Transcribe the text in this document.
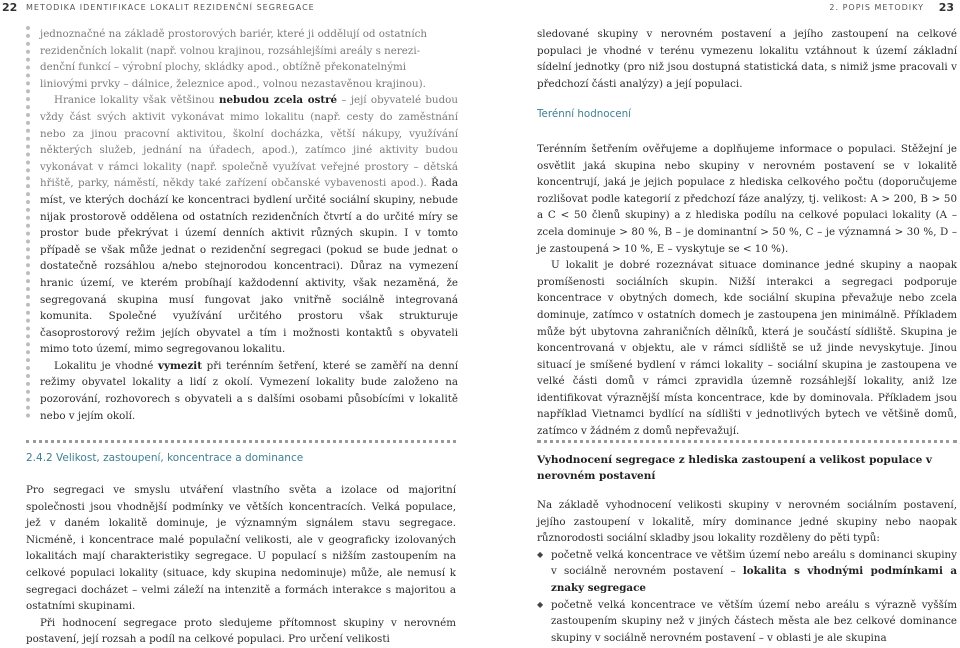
22 METODIKA IDENTIFIKACE LOKALIT REZIDENČNÍ SEGREGACE	2. POPIS METODIKY 23

jednoznačné na základě prostorových bariér, které ji oddělují od ostatních
rezidenčních lokalit (např. volnou krajinou, rozsáhlejšími areály s nerezi-
denční funkcí – výrobní plochy, skládky apod., obtížně překonatelnými
liniovými prvky – dálnice, železnice apod., volnou nezastavěnou krajinou).

Hranice lokality však většinou nebudou zcela ostré – její obyvatelé budou vždy část svých aktivit vykonávat mimo lokalitu (např. cesty do zaměstnání nebo za jinou pracovní aktivitou, školní docházka, větší nákupy, využívání některých služeb, jednání na úřadech, apod.), zatímco jiné aktivity budou vykonávat v rámci lokality (např. společně využívat veřejné prostory – dětská hřiště, parky, náměstí, někdy také zařízení občanské vybavenosti apod.). Řada míst, ve kterých dochází ke koncentraci bydlení určité sociální skupiny, nebude nijak prostorově oddělena od ostatních rezidenčních čtvrtí a do určité míry se prostor bude překrývat i území denních aktivit různých skupin. I v tomto případě se však může jednat o rezidenční segregaci (pokud se bude jednat o dostatečně rozsáhlou a/nebo stejnorodou koncentraci). Důraz na vymezení hranic území, ve kterém probíhají každodenní aktivity, však nezaměná, že segregovaná skupina musí fungovat jako vnitřně sociálně integrovaná komunita. Společné využívání určitého prostoru však strukturuje časoprostorový režim jejích obyvatel a tím i možnosti kontaktů s obyvateli mimo toto území, mimo segregovanou lokalitu.

Lokalitu je vhodné vymezit při terénním šetření, které se zaměří na denní režimy obyvatel lokality a lidí z okolí. Vymezení lokality bude založeno na pozorování, rozhovorech s obyvateli a s dalšími osobami působícími v lokalitě nebo v jejím okolí.

sledované skupiny v nerovném postavení a jejího zastoupení na celkové populaci je vhodné v terénu vymezenu lokalitu vztáhnout k území základní sídelní jednotky (pro niž jsou dostupná statistická data, s nimiž jsme pracovali v předchozí části analýzy) a její populaci.

Terénní hodnocení

Terénním šetřením ověřujeme a doplňujeme informace o populaci. Stěžejní je osvětlit jaká skupina nebo skupiny v nerovném postavení se v lokalitě koncentrují, jaká je jejich populace z hlediska celkového počtu (doporučujeme rozlišovat podle kategorií z předchozí fáze analýzy, tj. velikost: A > 200, B > 50 a C < 50 členů skupiny) a z hlediska podílu na celkové populaci lokality (A – zcela dominuje > 80 %, B – je dominantní > 50 %, C – je významná > 30 %, D – je zastoupená > 10 %, E – vyskytuje se < 10 %).

U lokalit je dobré rozeznávat situace dominance jedné skupiny a naopak promíšenosti sociálních skupin. Nižší interakci a segregaci podporuje koncentrace v obytných domech, kde sociální skupina převažuje nebo zcela dominuje, zatímco v ostatních domech je zastoupena jen minimálně. Příkladem může být ubytovna zahraničních dělníků, která je součástí sídliště. Skupina je koncentrovaná v objektu, ale v rámci sídliště se už jinde nevyskytuje. Jinou situací je smíšené bydlení v rámci lokality – sociální skupina je zastoupena ve velké části domů v rámci zpravidla územně rozsáhlejší lokality, aniž lze identifikovat výraznější místa koncentrace, kde by dominovala. Příkladem jsou například Vietnamci bydlící na sídlišti v jednotlivých bytech ve většině domů, zatímco v žádném z domů nepřevažují.

2.4.2 Velikost, zastoupení, koncentrace a dominance

Pro segregaci ve smyslu utváření vlastního světa a izolace od majoritní společnosti jsou vhodnější podmínky ve větších koncentracích. Velká populace, jež v daném lokalitě dominuje, je významným signálem stavu segregace. Nicméně, i koncentrace malé populační velikosti, ale v geograficky izolovaných lokalitách mají charakteristiky segregace. U populací s nižším zastoupením na celkové populaci lokality (situace, kdy skupina nedominuje) může, ale nemusí k segregaci docházet – velmi záleží na intenzitě a formách interakce s majoritou a ostatními skupinami.

Při hodnocení segregace proto sledujeme přítomnost skupiny v nerovném postavení, její rozsah a podíl na celkové populaci. Pro určení velikosti

Vyhodnocení segregace z hlediska zastoupení a velikost populace v nerovném postavení

Na základě vyhodnocení velikosti skupiny v nerovném sociálním postavení, jejího zastoupení v lokalitě, míry dominance jedné skupiny nebo naopak různorodosti sociální skladby jsou lokality rozděleny do pěti typů:

◆ početně velká koncentrace ve většim území nebo areálu s dominanci skupiny v sociálně nerovném postavení – lokalita s vhodnými podmínkami a znaky segregace
◆ početně velká koncentrace ve větším území nebo areálu s výrazně vyšším zastoupením skupiny než v jiných částech města ale bez celkové dominance skupiny v sociálně nerovném postavení – v oblasti je ale skupina
